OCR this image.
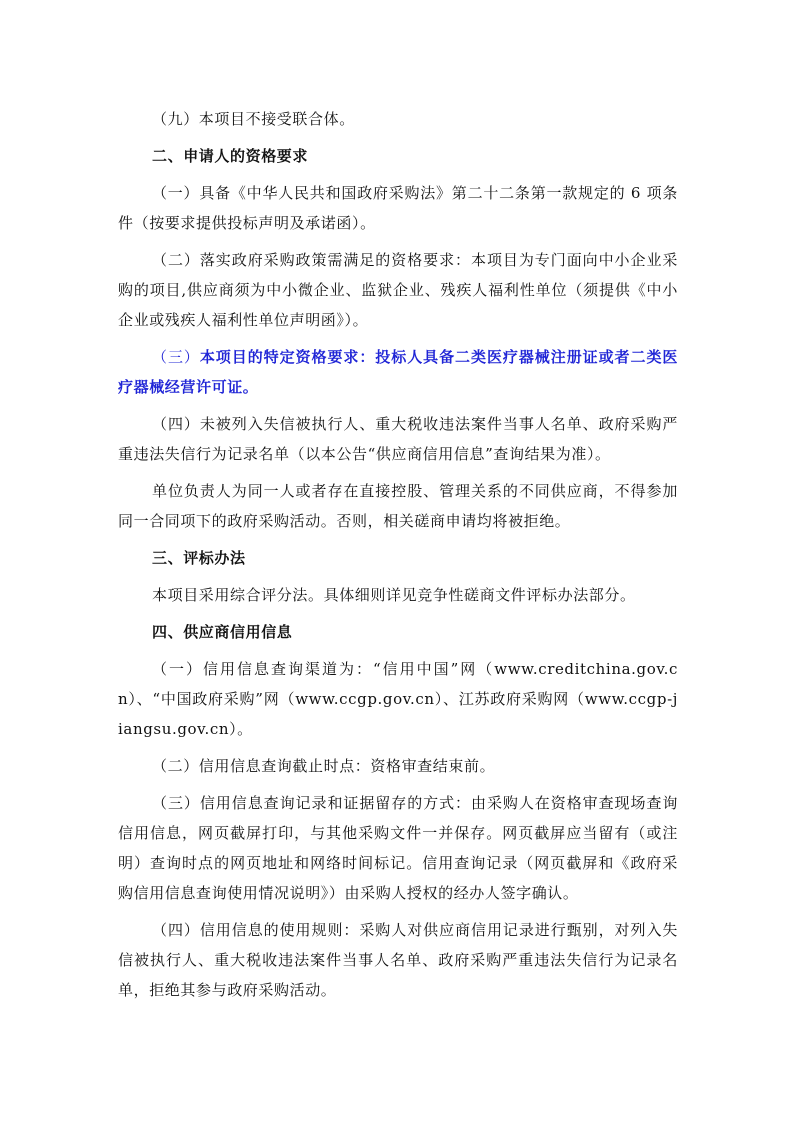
（九）本项目不接受联合体。

二、申请人的资格要求

（一）具备《中华人民共和国政府采购法》第二十二条第一款规定的 6 项条件（按要求提供投标声明及承诺函）。

（二）落实政府采购政策需满足的资格要求：本项目为专门面向中小企业采购的项目,供应商须为中小微企业、监狱企业、残疾人福利性单位（须提供《中小企业或残疾人福利性单位声明函》）。

（三）本项目的特定资格要求：投标人具备二类医疗器械注册证或者二类医疗器械经营许可证。

（四）未被列入失信被执行人、重大税收违法案件当事人名单、政府采购严重违法失信行为记录名单（以本公告“供应商信用信息”查询结果为准）。

单位负责人为同一人或者存在直接控股、管理关系的不同供应商，不得参加同一合同项下的政府采购活动。否则，相关磋商申请均将被拒绝。

三、评标办法

本项目采用综合评分法。具体细则详见竞争性磋商文件评标办法部分。

四、供应商信用信息

（一）信用信息查询渠道为：“信用中国”网（www.creditchina.gov.cn）、“中国政府采购”网（www.ccgp.gov.cn）、江苏政府采购网（www.ccgp-jiangsu.gov.cn）。

（二）信用信息查询截止时点：资格审查结束前。

（三）信用信息查询记录和证据留存的方式：由采购人在资格审查现场查询信用信息，网页截屏打印，与其他采购文件一并保存。网页截屏应当留有（或注明）查询时点的网页地址和网络时间标记。信用查询记录（网页截屏和《政府采购信用信息查询使用情况说明》）由采购人授权的经办人签字确认。

（四）信用信息的使用规则：采购人对供应商信用记录进行甄别，对列入失信被执行人、重大税收违法案件当事人名单、政府采购严重违法失信行为记录名单，拒绝其参与政府采购活动。
